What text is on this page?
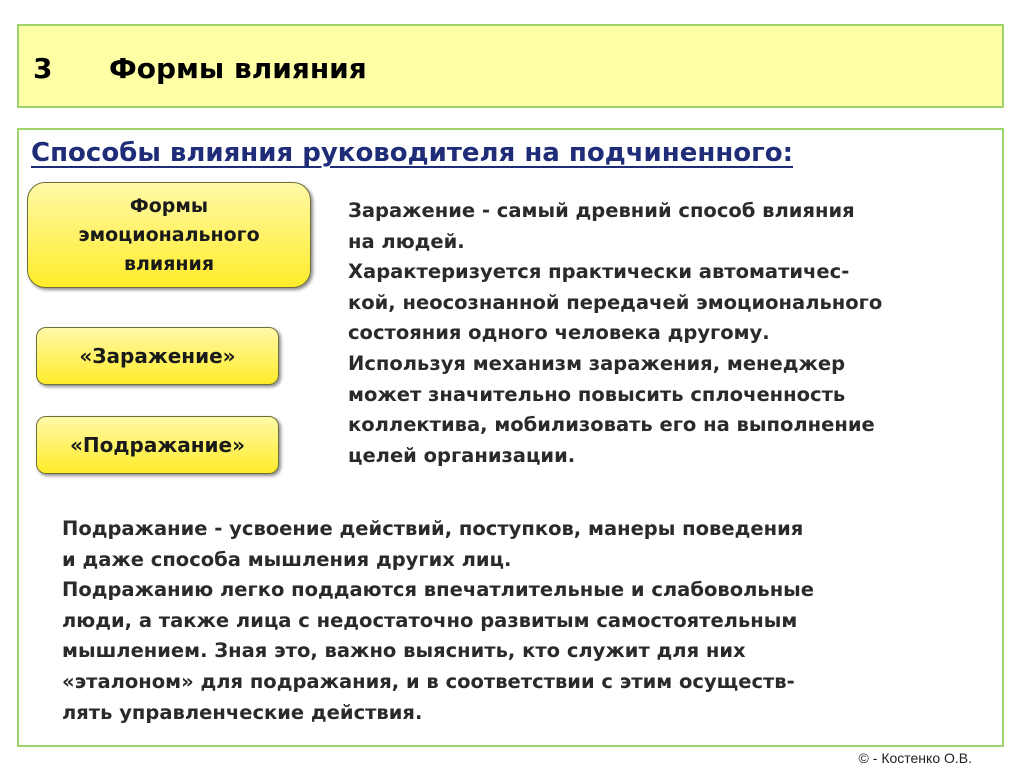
3 Формы влияния
Способы влияния руководителя на подчиненного:
Формы
эмоционального
влияния
«Заражение»
«Подражание»
Заражение - самый древний способ влияния
на людей.
Характеризуется практически автоматичес-
кой, неосознанной передачей эмоционального
состояния одного человека другому.
Используя механизм заражения, менеджер
может значительно повысить сплоченность
коллектива, мобилизовать его на выполнение
целей организации.
Подражание - усвоение действий, поступков, манеры поведения
и даже способа мышления других лиц.
Подражанию легко поддаются впечатлительные и слабовольные
люди, а также лица с недостаточно развитым самостоятельным
мышлением. Зная это, важно выяснить, кто служит для них
«эталоном» для подражания, и в соответствии с этим осуществ-
лять управленческие действия.
© - Костенко О.В.
